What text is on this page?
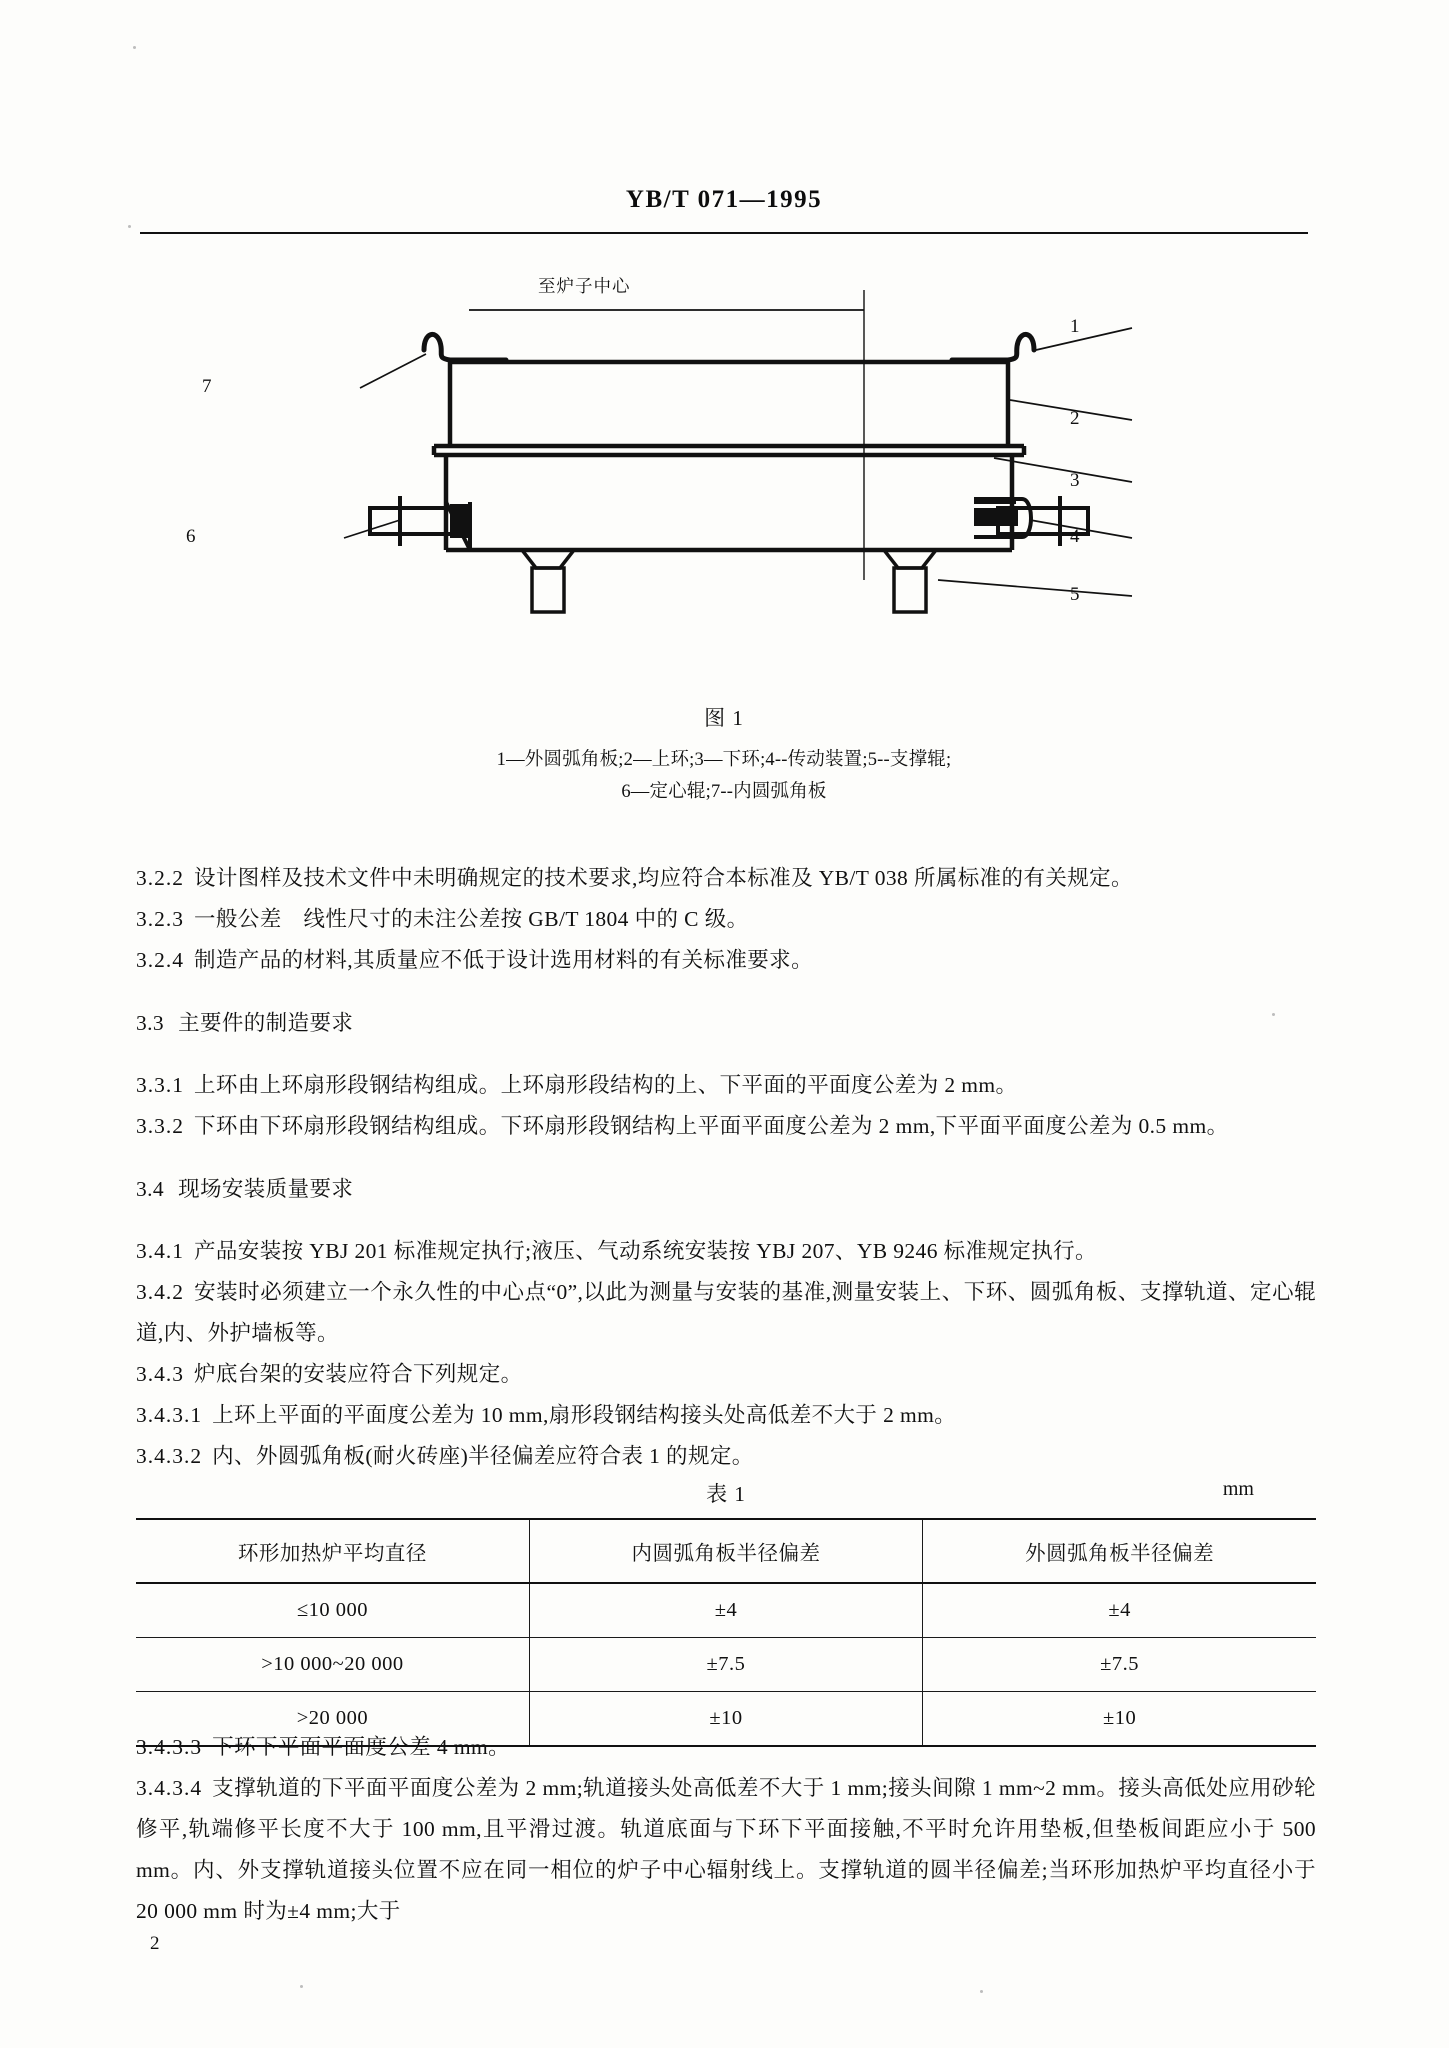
YB/T 071—1995
至炉子中心
1
2
3
4
5
6
7
图 1
1—外圆弧角板;2—上环;3—下环;4--传动装置;5--支撑辊;
6—定心辊;7--内圆弧角板

3.2.2 设计图样及技术文件中未明确规定的技术要求,均应符合本标准及 YB/T 038 所属标准的有关规定。

3.2.3 一般公差　线性尺寸的未注公差按 GB/T 1804 中的 C 级。

3.2.4 制造产品的材料,其质量应不低于设计选用材料的有关标准要求。

3.3 主要件的制造要求

3.3.1 上环由上环扇形段钢结构组成。上环扇形段结构的上、下平面的平面度公差为 2 mm。

3.3.2 下环由下环扇形段钢结构组成。下环扇形段钢结构上平面平面度公差为 2 mm,下平面平面度公差为 0.5 mm。

3.4 现场安装质量要求

3.4.1 产品安装按 YBJ 201 标准规定执行;液压、气动系统安装按 YBJ 207、YB 9246 标准规定执行。

3.4.2 安装时必须建立一个永久性的中心点“0”,以此为测量与安装的基准,测量安装上、下环、圆弧角板、支撑轨道、定心辊道,内、外护墙板等。

3.4.3 炉底台架的安装应符合下列规定。

3.4.3.1 上环上平面的平面度公差为 10 mm,扇形段钢结构接头处高低差不大于 2 mm。

3.4.3.2 内、外圆弧角板(耐火砖座)半径偏差应符合表 1 的规定。

表 1	mm
环形加热炉平均直径	内圆弧角板半径偏差	外圆弧角板半径偏差
≤10 000	±4	±4
>10 000~20 000	±7.5	±7.5
>20 000	±10	±10

3.4.3.3 下环下平面平面度公差 4 mm。

3.4.3.4 支撑轨道的下平面平面度公差为 2 mm;轨道接头处高低差不大于 1 mm;接头间隙 1 mm~2 mm。接头高低处应用砂轮修平,轨端修平长度不大于 100 mm,且平滑过渡。轨道底面与下环下平面接触,不平时允许用垫板,但垫板间距应小于 500 mm。内、外支撑轨道接头位置不应在同一相位的炉子中心辐射线上。支撑轨道的圆半径偏差;当环形加热炉平均直径小于 20 000 mm 时为±4 mm;大于

2
